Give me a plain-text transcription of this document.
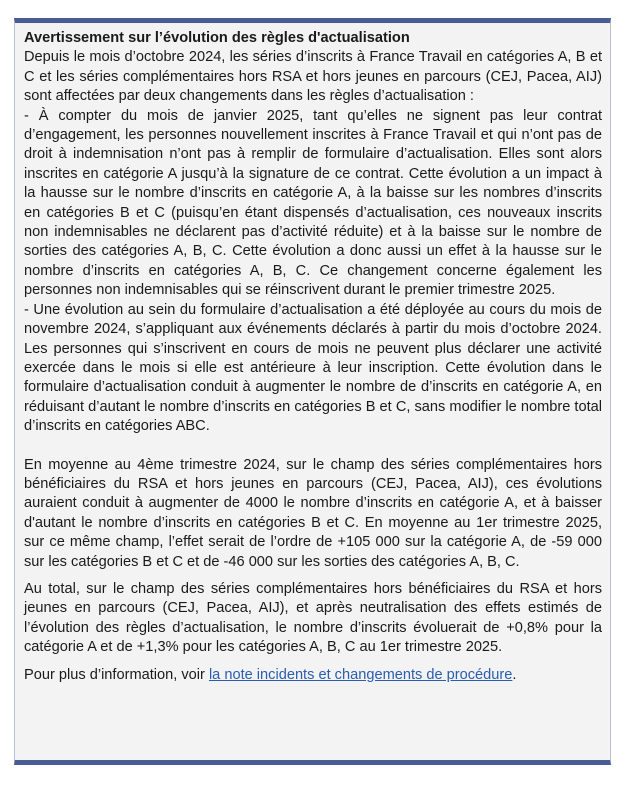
Avertissement sur l’évolution des règles d'actualisation

Depuis le mois d’octobre 2024, les séries d’inscrits à France Travail en catégories A, B et C et les séries complémentaires hors RSA et hors jeunes en parcours (CEJ, Pacea, AIJ) sont affectées par deux changements dans les règles d’actualisation :

- À compter du mois de janvier 2025, tant qu’elles ne signent pas leur contrat d’engagement, les personnes nouvellement inscrites à France Travail et qui n’ont pas de droit à indemnisation n’ont pas à remplir de formulaire d’actualisation. Elles sont alors inscrites en catégorie A jusqu’à la signature de ce contrat. Cette évolution a un impact à la hausse sur le nombre d’inscrits en catégorie A, à la baisse sur les nombres d’inscrits en catégories B et C (puisqu’en étant dispensés d’actualisation, ces nouveaux inscrits non indemnisables ne déclarent pas d’activité réduite) et à la baisse sur le nombre de sorties des catégories A, B, C. Cette évolution a donc aussi un effet à la hausse sur le nombre d’inscrits en catégories A, B, C. Ce changement concerne également les personnes non indemnisables qui se réinscrivent durant le premier trimestre 2025.

- Une évolution au sein du formulaire d’actualisation a été déployée au cours du mois de novembre 2024, s’appliquant aux événements déclarés à partir du mois d’octobre 2024. Les personnes qui s’inscrivent en cours de mois ne peuvent plus déclarer une activité exercée dans le mois si elle est antérieure à leur inscription. Cette évolution dans le formulaire d’actualisation conduit à augmenter le nombre de d’inscrits en catégorie A, en réduisant d’autant le nombre d’inscrits en catégories B et C, sans modifier le nombre total d’inscrits en catégories ABC.

En moyenne au 4ème trimestre 2024, sur le champ des séries complémentaires hors bénéficiaires du RSA et hors jeunes en parcours (CEJ, Pacea, AIJ), ces évolutions auraient conduit à augmenter de 4000 le nombre d’inscrits en catégorie A, et à baisser d'autant le nombre d’inscrits en catégories B et C. En moyenne au 1er trimestre 2025, sur ce même champ, l’effet serait de l’ordre de +105 000 sur la catégorie A, de -59 000 sur les catégories B et C et de -46 000 sur les sorties des catégories A, B, C.

Au total, sur le champ des séries complémentaires hors bénéficiaires du RSA et hors jeunes en parcours (CEJ, Pacea, AIJ), et après neutralisation des effets estimés de l’évolution des règles d’actualisation, le nombre d’inscrits évoluerait de +0,8% pour la catégorie A et de +1,3% pour les catégories A, B, C au 1er trimestre 2025.

Pour plus d’information, voir la note incidents et changements de procédure.
